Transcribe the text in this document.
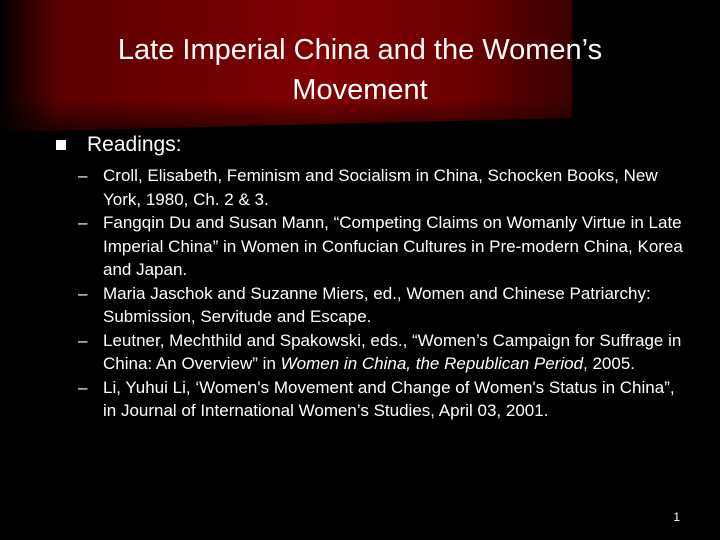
Late Imperial China and the Women’s Movement
Readings:
– Croll, Elisabeth, Feminism and Socialism in China, Schocken Books, New York, 1980, Ch. 2 & 3.
– Fangqin Du and Susan Mann, “Competing Claims on Womanly Virtue in Late Imperial China” in Women in Confucian Cultures in Pre-modern China, Korea and Japan.
– Maria Jaschok and Suzanne Miers, ed., Women and Chinese Patriarchy: Submission, Servitude and Escape.
– Leutner, Mechthild and Spakowski, eds., “Women’s Campaign for Suffrage in China: An Overview” in Women in China, the Republican Period, 2005.
– Li, Yuhui Li, ‘Women's Movement and Change of Women's Status in China”, in Journal of International Women’s Studies, April 03, 2001.
1
